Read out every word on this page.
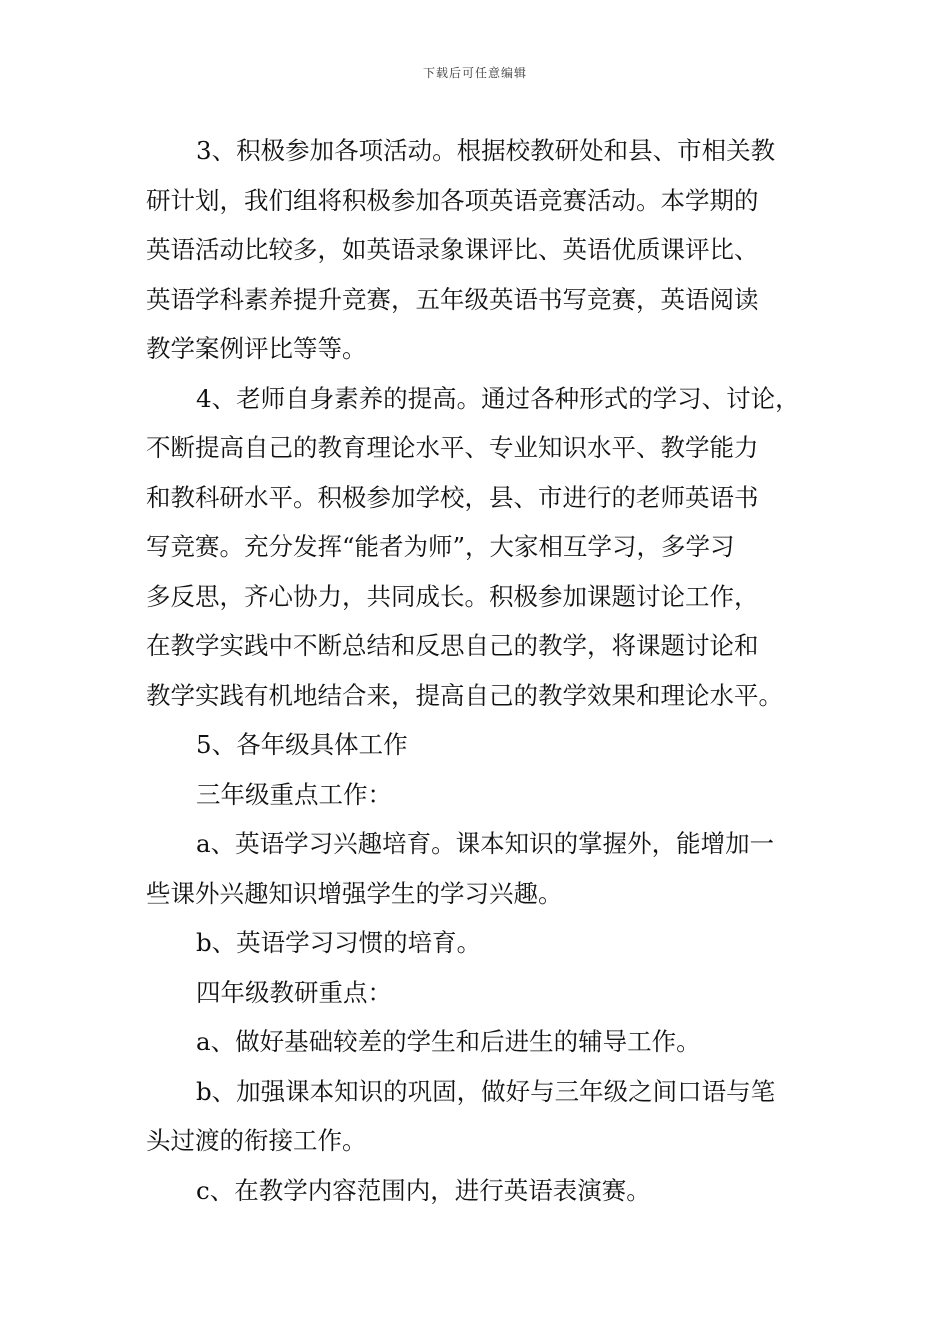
下载后可任意编辑

3、积极参加各项活动。根据校教研处和县、市相关教

研计划，我们组将积极参加各项英语竞赛活动。本学期的

英语活动比较多，如英语录象课评比、英语优质课评比、

英语学科素养提升竞赛，五年级英语书写竞赛，英语阅读

教学案例评比等等。

4、老师自身素养的提高。通过各种形式的学习、讨论，

不断提高自己的教育理论水平、专业知识水平、教学能力

和教科研水平。积极参加学校，县、市进行的老师英语书

写竞赛。充分发挥“能者为师”，大家相互学习，多学习

多反思，齐心协力，共同成长。积极参加课题讨论工作，

在教学实践中不断总结和反思自己的教学，将课题讨论和

教学实践有机地结合来，提高自己的教学效果和理论水平。

5、各年级具体工作

三年级重点工作：

a、英语学习兴趣培育。课本知识的掌握外，能增加一

些课外兴趣知识增强学生的学习兴趣。

b、英语学习习惯的培育。

四年级教研重点：

a、做好基础较差的学生和后进生的辅导工作。

b、加强课本知识的巩固，做好与三年级之间口语与笔

头过渡的衔接工作。

c、在教学内容范围内，进行英语表演赛。
